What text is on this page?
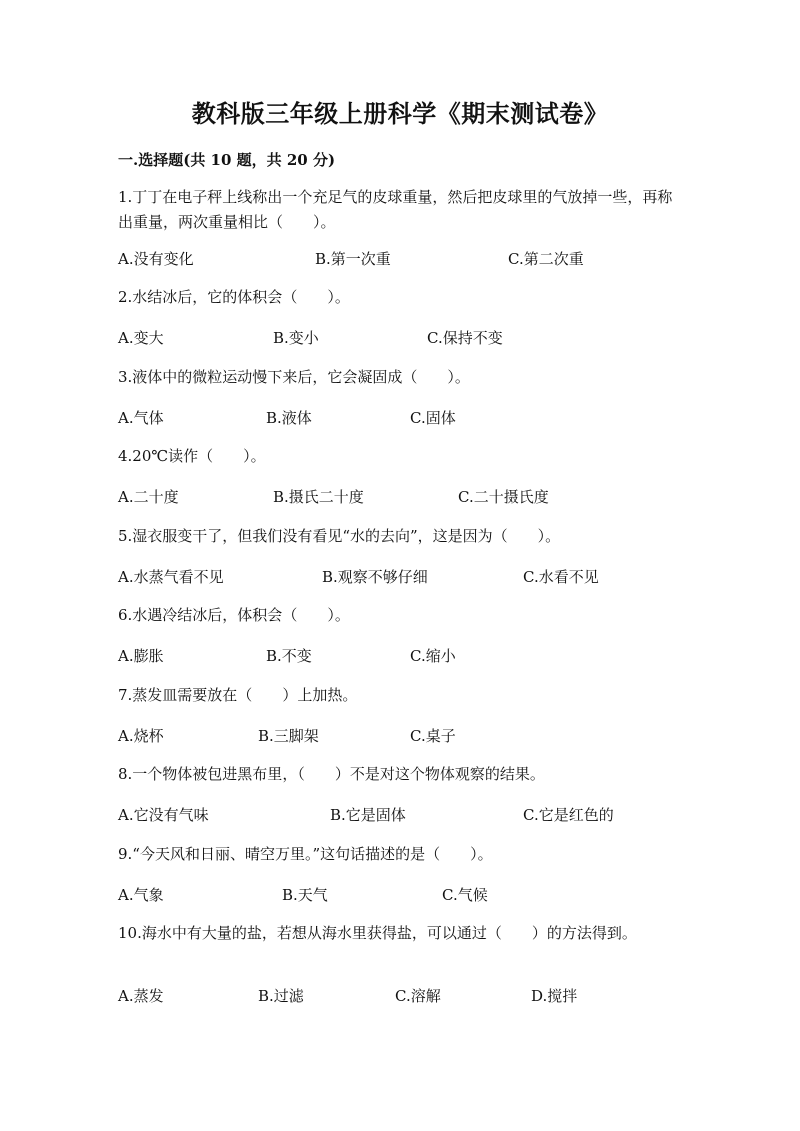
教科版三年级上册科学《期末测试卷》
一.选择题(共 10 题，共 20 分)
1.丁丁在电子秤上线称出一个充足气的皮球重量，然后把皮球里的气放掉一些，再称出重量，两次重量相比（　　）。
A.没有变化	B.第一次重	C.第二次重
2.水结冰后，它的体积会（　　）。
A.变大	B.变小	C.保持不变
3.液体中的微粒运动慢下来后，它会凝固成（　　）。
A.气体	B.液体	C.固体
4.20℃读作（　　）。
A.二十度	B.摄氏二十度	C.二十摄氏度
5.湿衣服变干了，但我们没有看见“水的去向”，这是因为（　　）。
A.水蒸气看不见	B.观察不够仔细	C.水看不见
6.水遇冷结冰后，体积会（　　）。
A.膨胀	B.不变	C.缩小
7.蒸发皿需要放在（　　）上加热。
A.烧杯	B.三脚架	C.桌子
8.一个物体被包进黑布里，（　　）不是对这个物体观察的结果。
A.它没有气味	B.它是固体	C.它是红色的
9.“今天风和日丽、晴空万里。”这句话描述的是（　　）。
A.气象	B.天气	C.气候
10.海水中有大量的盐，若想从海水里获得盐，可以通过（　　）的方法得到。
A.蒸发	B.过滤	C.溶解	D.搅拌
